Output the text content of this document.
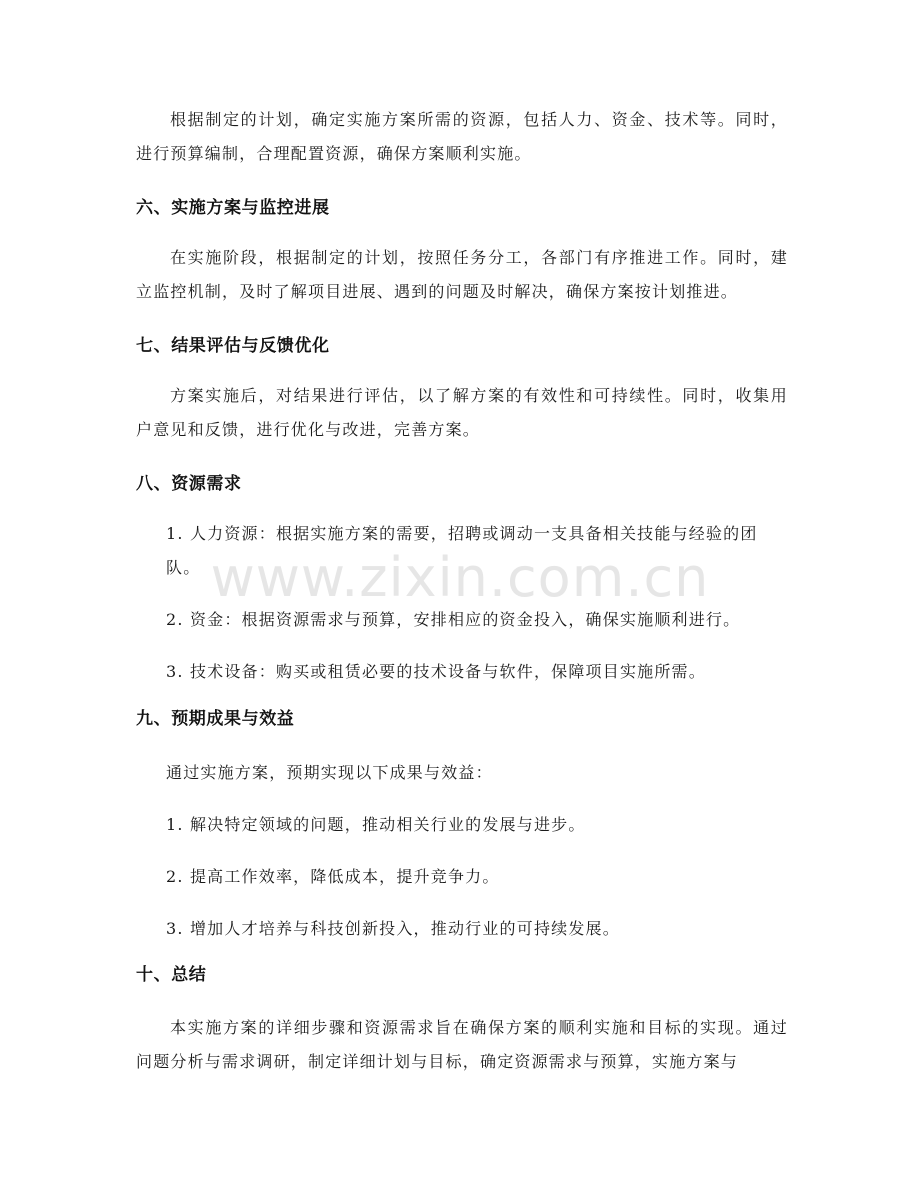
www.zixin.com.cn

根据制定的计划，确定实施方案所需的资源，包括人力、资金、技术等。同时，进行预算编制，合理配置资源，确保方案顺利实施。

六、实施方案与监控进展

在实施阶段，根据制定的计划，按照任务分工，各部门有序推进工作。同时，建立监控机制，及时了解项目进展、遇到的问题及时解决，确保方案按计划推进。

七、结果评估与反馈优化

方案实施后，对结果进行评估，以了解方案的有效性和可持续性。同时，收集用户意见和反馈，进行优化与改进，完善方案。

八、资源需求

1. 人力资源：根据实施方案的需要，招聘或调动一支具备相关技能与经验的团队。

2. 资金：根据资源需求与预算，安排相应的资金投入，确保实施顺利进行。

3. 技术设备：购买或租赁必要的技术设备与软件，保障项目实施所需。

九、预期成果与效益

通过实施方案，预期实现以下成果与效益：

1. 解决特定领域的问题，推动相关行业的发展与进步。

2. 提高工作效率，降低成本，提升竞争力。

3. 增加人才培养与科技创新投入，推动行业的可持续发展。

十、总结

本实施方案的详细步骤和资源需求旨在确保方案的顺利实施和目标的实现。通过问题分析与需求调研，制定详细计划与目标，确定资源需求与预算，实施方案与
